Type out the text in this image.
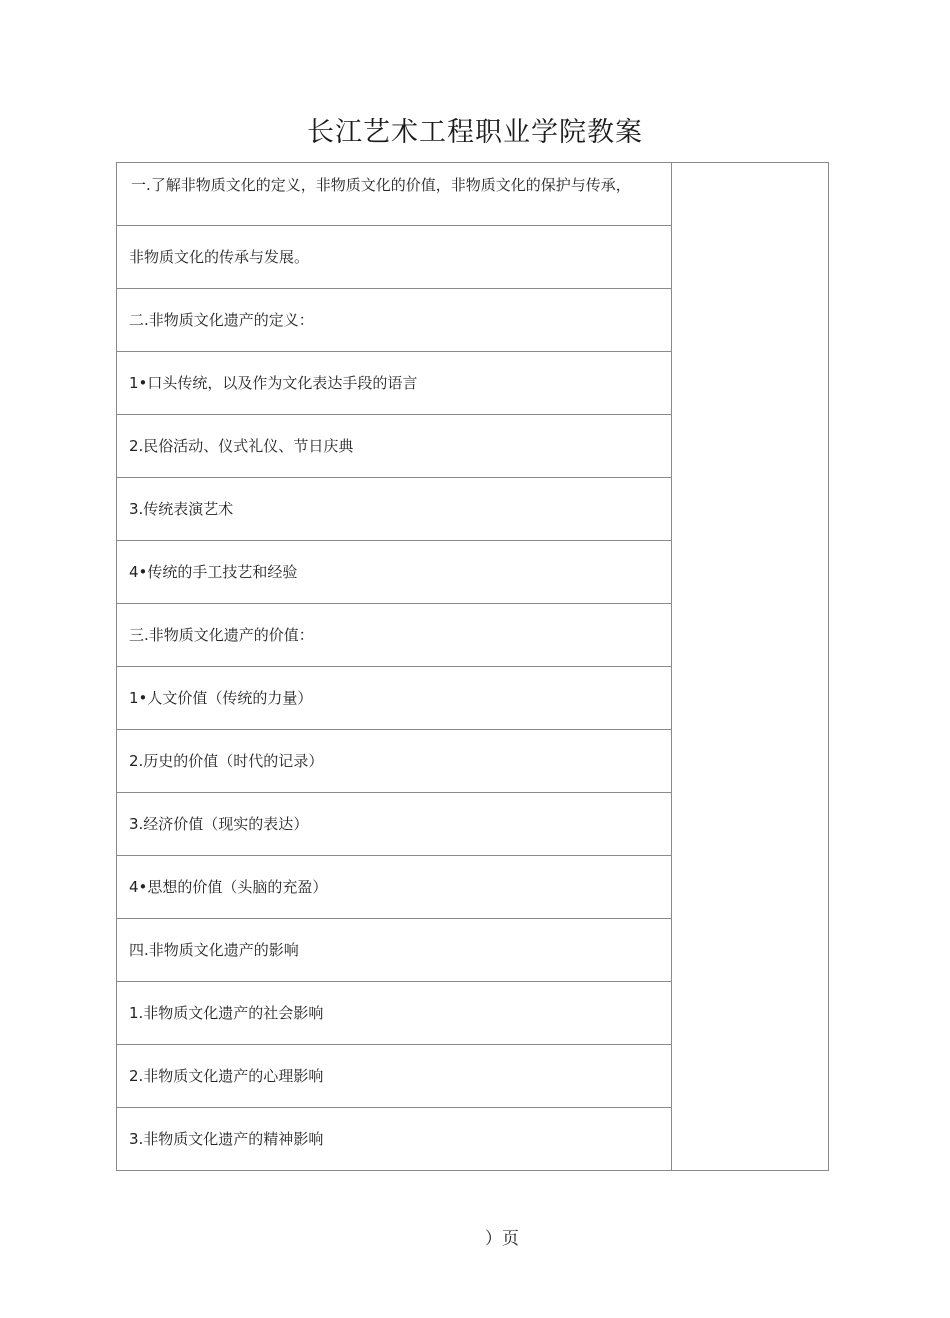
长江艺术工程职业学院教案
一.了解非物质文化的定义，非物质文化的价值，非物质文化的保护与传承，	
非物质文化的传承与发展。
二.非物质文化遗产的定义：
1•口头传统，以及作为文化表达手段的语言
2.民俗活动、仪式礼仪、节日庆典
3.传统表演艺术
4•传统的手工技艺和经验
三.非物质文化遗产的价值：
1•人文价值（传统的力量）
2.历史的价值（时代的记录）
3.经济价值（现实的表达）
4•思想的价值（头脑的充盈）
四.非物质文化遗产的影响
1.非物质文化遗产的社会影响
2.非物质文化遗产的心理影响
3.非物质文化遗产的精神影响
）页
